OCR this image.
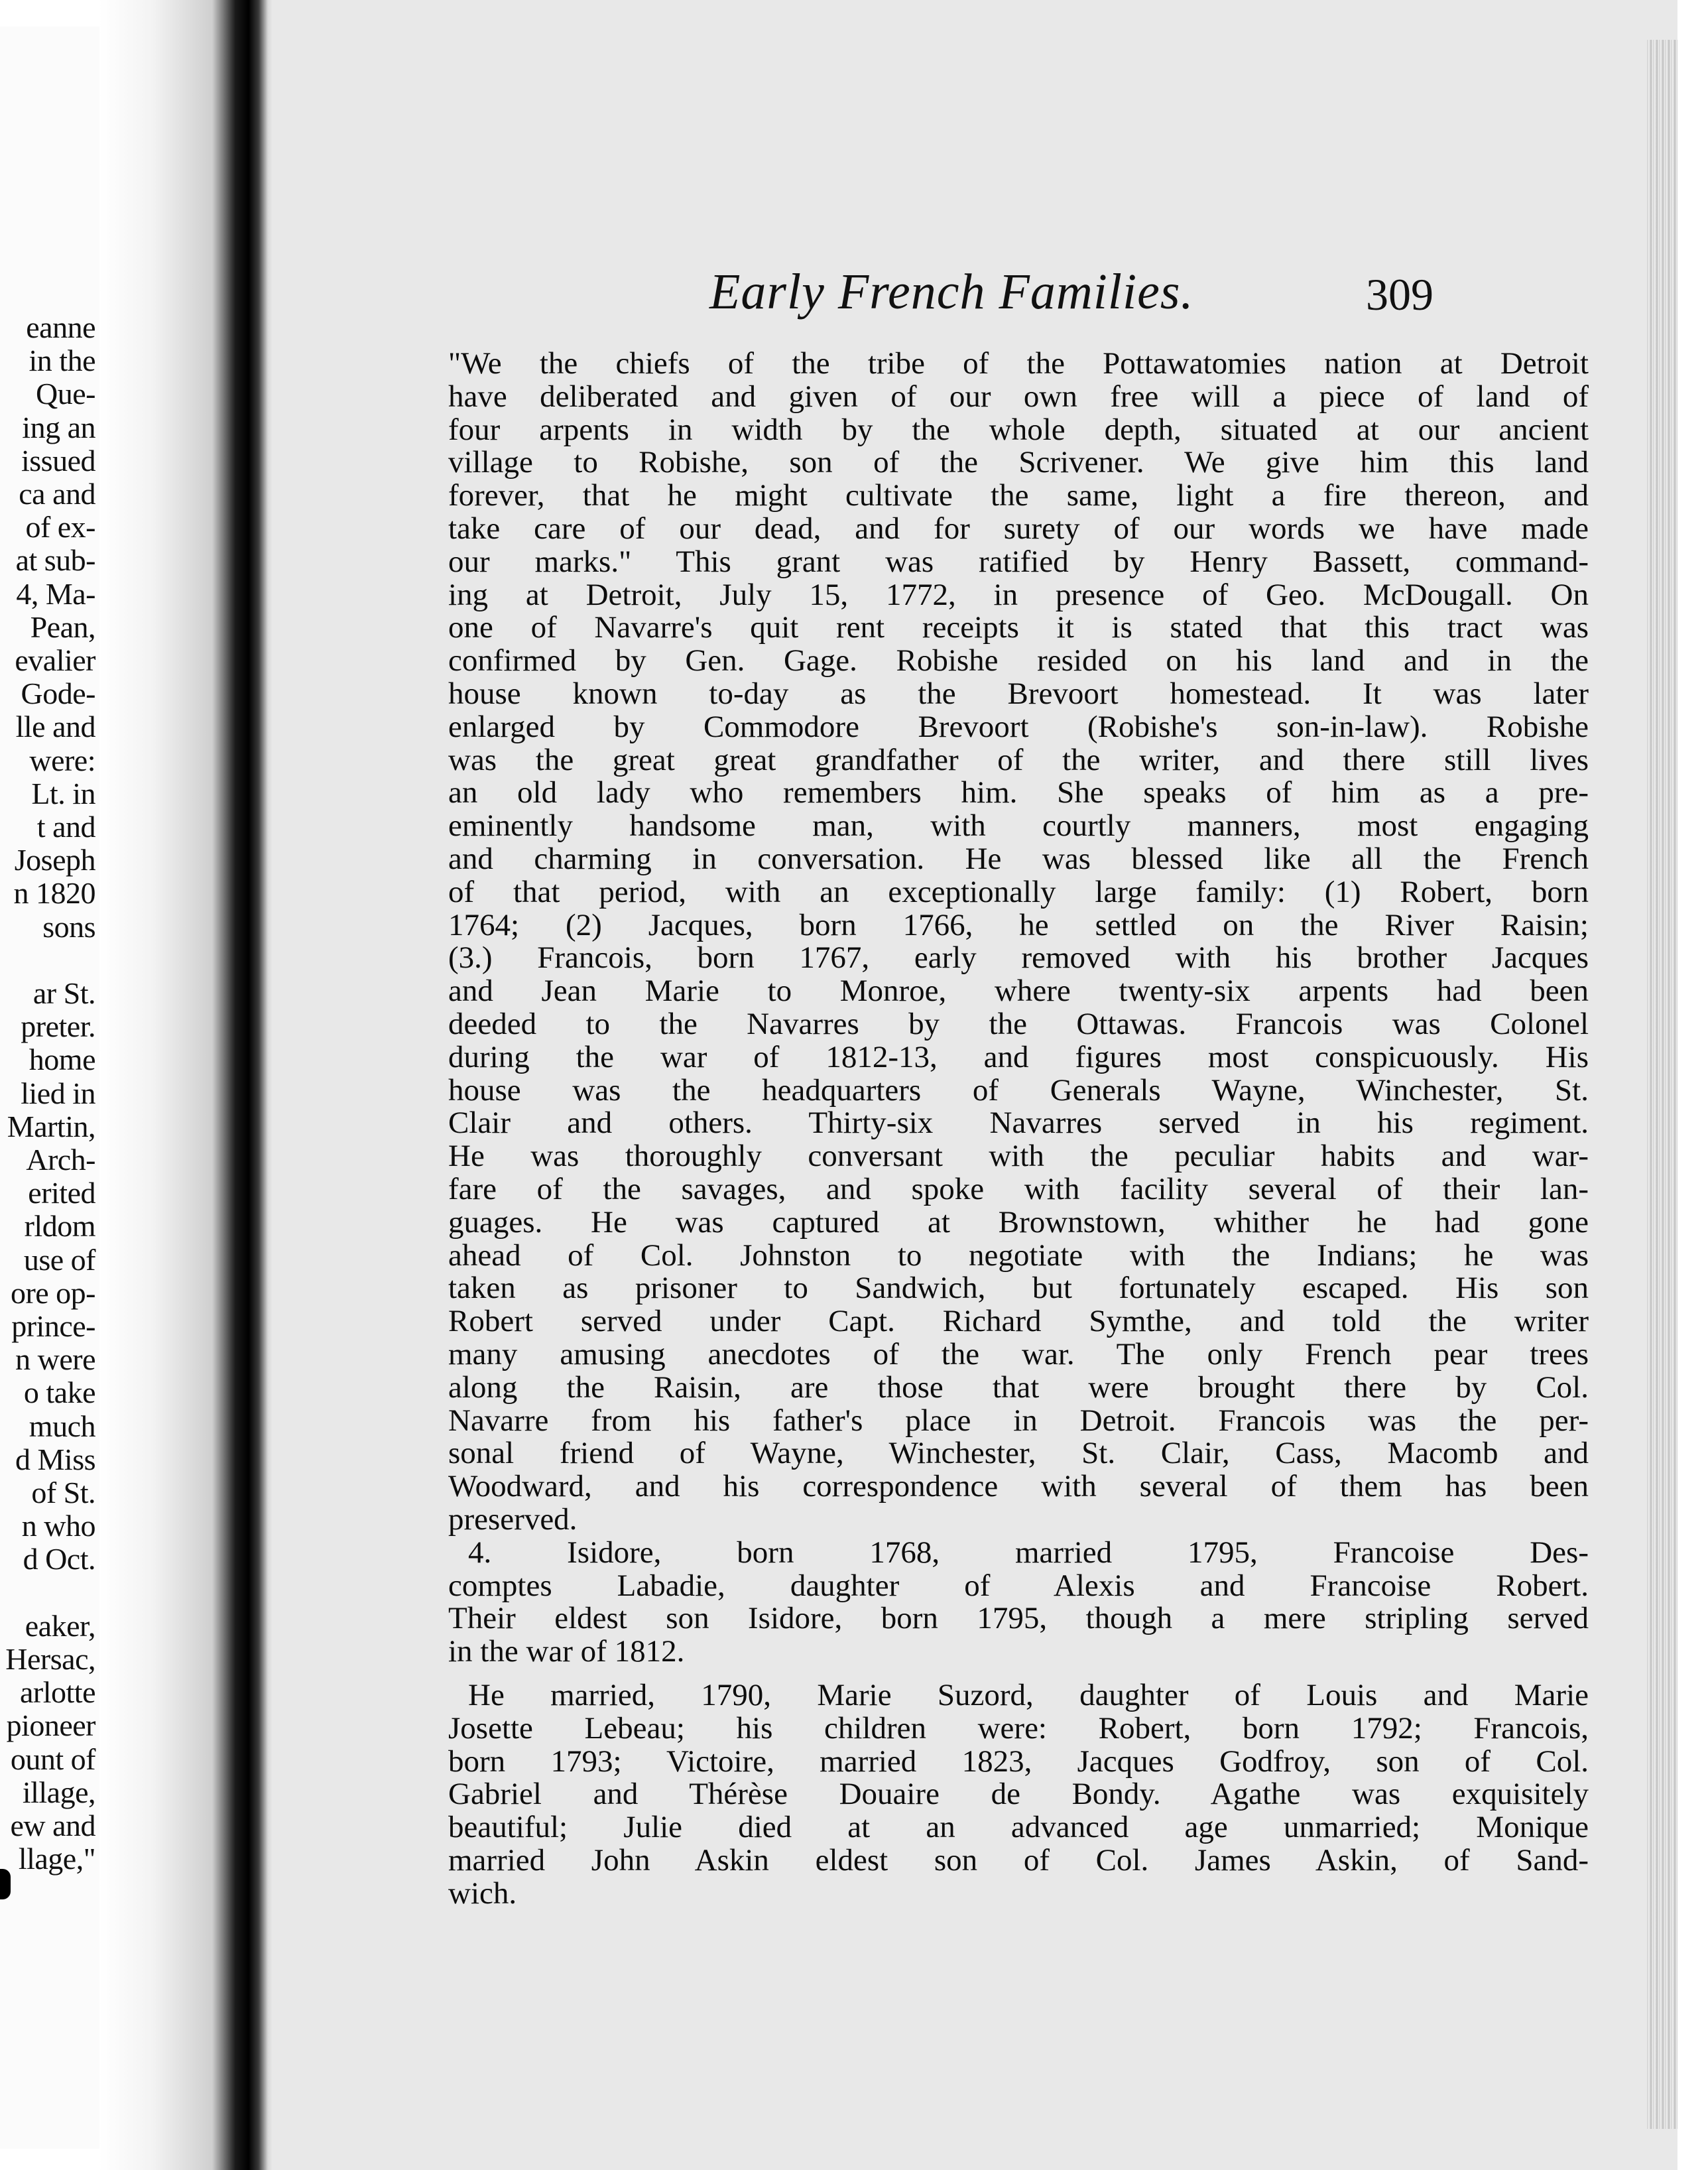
eanne
in the
Que-
ing an
issued
ca and
of ex-
at sub-
4, Ma-
Pean,
evalier
Gode-
lle and
were:
Lt. in
t and
Joseph
n 1820
sons
ar St.
preter.
home
lied in
Martin,
Arch-
erited
rldom
use of
ore op-
prince-
n were
o take
much
d Miss
of St.
n who
d Oct.
eaker,
Hersac,
arlotte
pioneer
ount of
illage,
ew and
llage,"
Early French Families.	309
"We the chiefs of the tribe of the Pottawatomies nation at Detroit
have deliberated and given of our own free will a piece of land of
four arpents in width by the whole depth, situated at our ancient
village to Robishe, son of the Scrivener. We give him this land
forever, that he might cultivate the same, light a fire thereon, and
take care of our dead, and for surety of our words we have made
our marks." This grant was ratified by Henry Bassett, command-
ing at Detroit, July 15, 1772, in presence of Geo. McDougall. On
one of Navarre's quit rent receipts it is stated that this tract was
confirmed by Gen. Gage. Robishe resided on his land and in the
house known to-day as the Brevoort homestead. It was later
enlarged by Commodore Brevoort (Robishe's son-in-law). Robishe
was the great great grandfather of the writer, and there still lives
an old lady who remembers him. She speaks of him as a pre-
eminently handsome man, with courtly manners, most engaging
and charming in conversation. He was blessed like all the French
of that period, with an exceptionally large family: (1) Robert, born
1764; (2) Jacques, born 1766, he settled on the River Raisin;
(3.) Francois, born 1767, early removed with his brother Jacques
and Jean Marie to Monroe, where twenty-six arpents had been
deeded to the Navarres by the Ottawas. Francois was Colonel
during the war of 1812-13, and figures most conspicuously. His
house was the headquarters of Generals Wayne, Winchester, St.
Clair and others. Thirty-six Navarres served in his regiment.
He was thoroughly conversant with the peculiar habits and war-
fare of the savages, and spoke with facility several of their lan-
guages. He was captured at Brownstown, whither he had gone
ahead of Col. Johnston to negotiate with the Indians; he was
taken as prisoner to Sandwich, but fortunately escaped. His son
Robert served under Capt. Richard Symthe, and told the writer
many amusing anecdotes of the war. The only French pear trees
along the Raisin, are those that were brought there by Col.
Navarre from his father's place in Detroit. Francois was the per-
sonal friend of Wayne, Winchester, St. Clair, Cass, Macomb and
Woodward, and his correspondence with several of them has been
preserved.
4. Isidore, born 1768, married 1795, Francoise Des-
comptes Labadie, daughter of Alexis and Francoise Robert.
Their eldest son Isidore, born 1795, though a mere stripling served
in the war of 1812.
He married, 1790, Marie Suzord, daughter of Louis and Marie
Josette Lebeau; his children were: Robert, born 1792; Francois,
born 1793; Victoire, married 1823, Jacques Godfroy, son of Col.
Gabriel and Thérèse Douaire de Bondy. Agathe was exquisitely
beautiful; Julie died at an advanced age unmarried; Monique
married John Askin eldest son of Col. James Askin, of Sand-
wich.
